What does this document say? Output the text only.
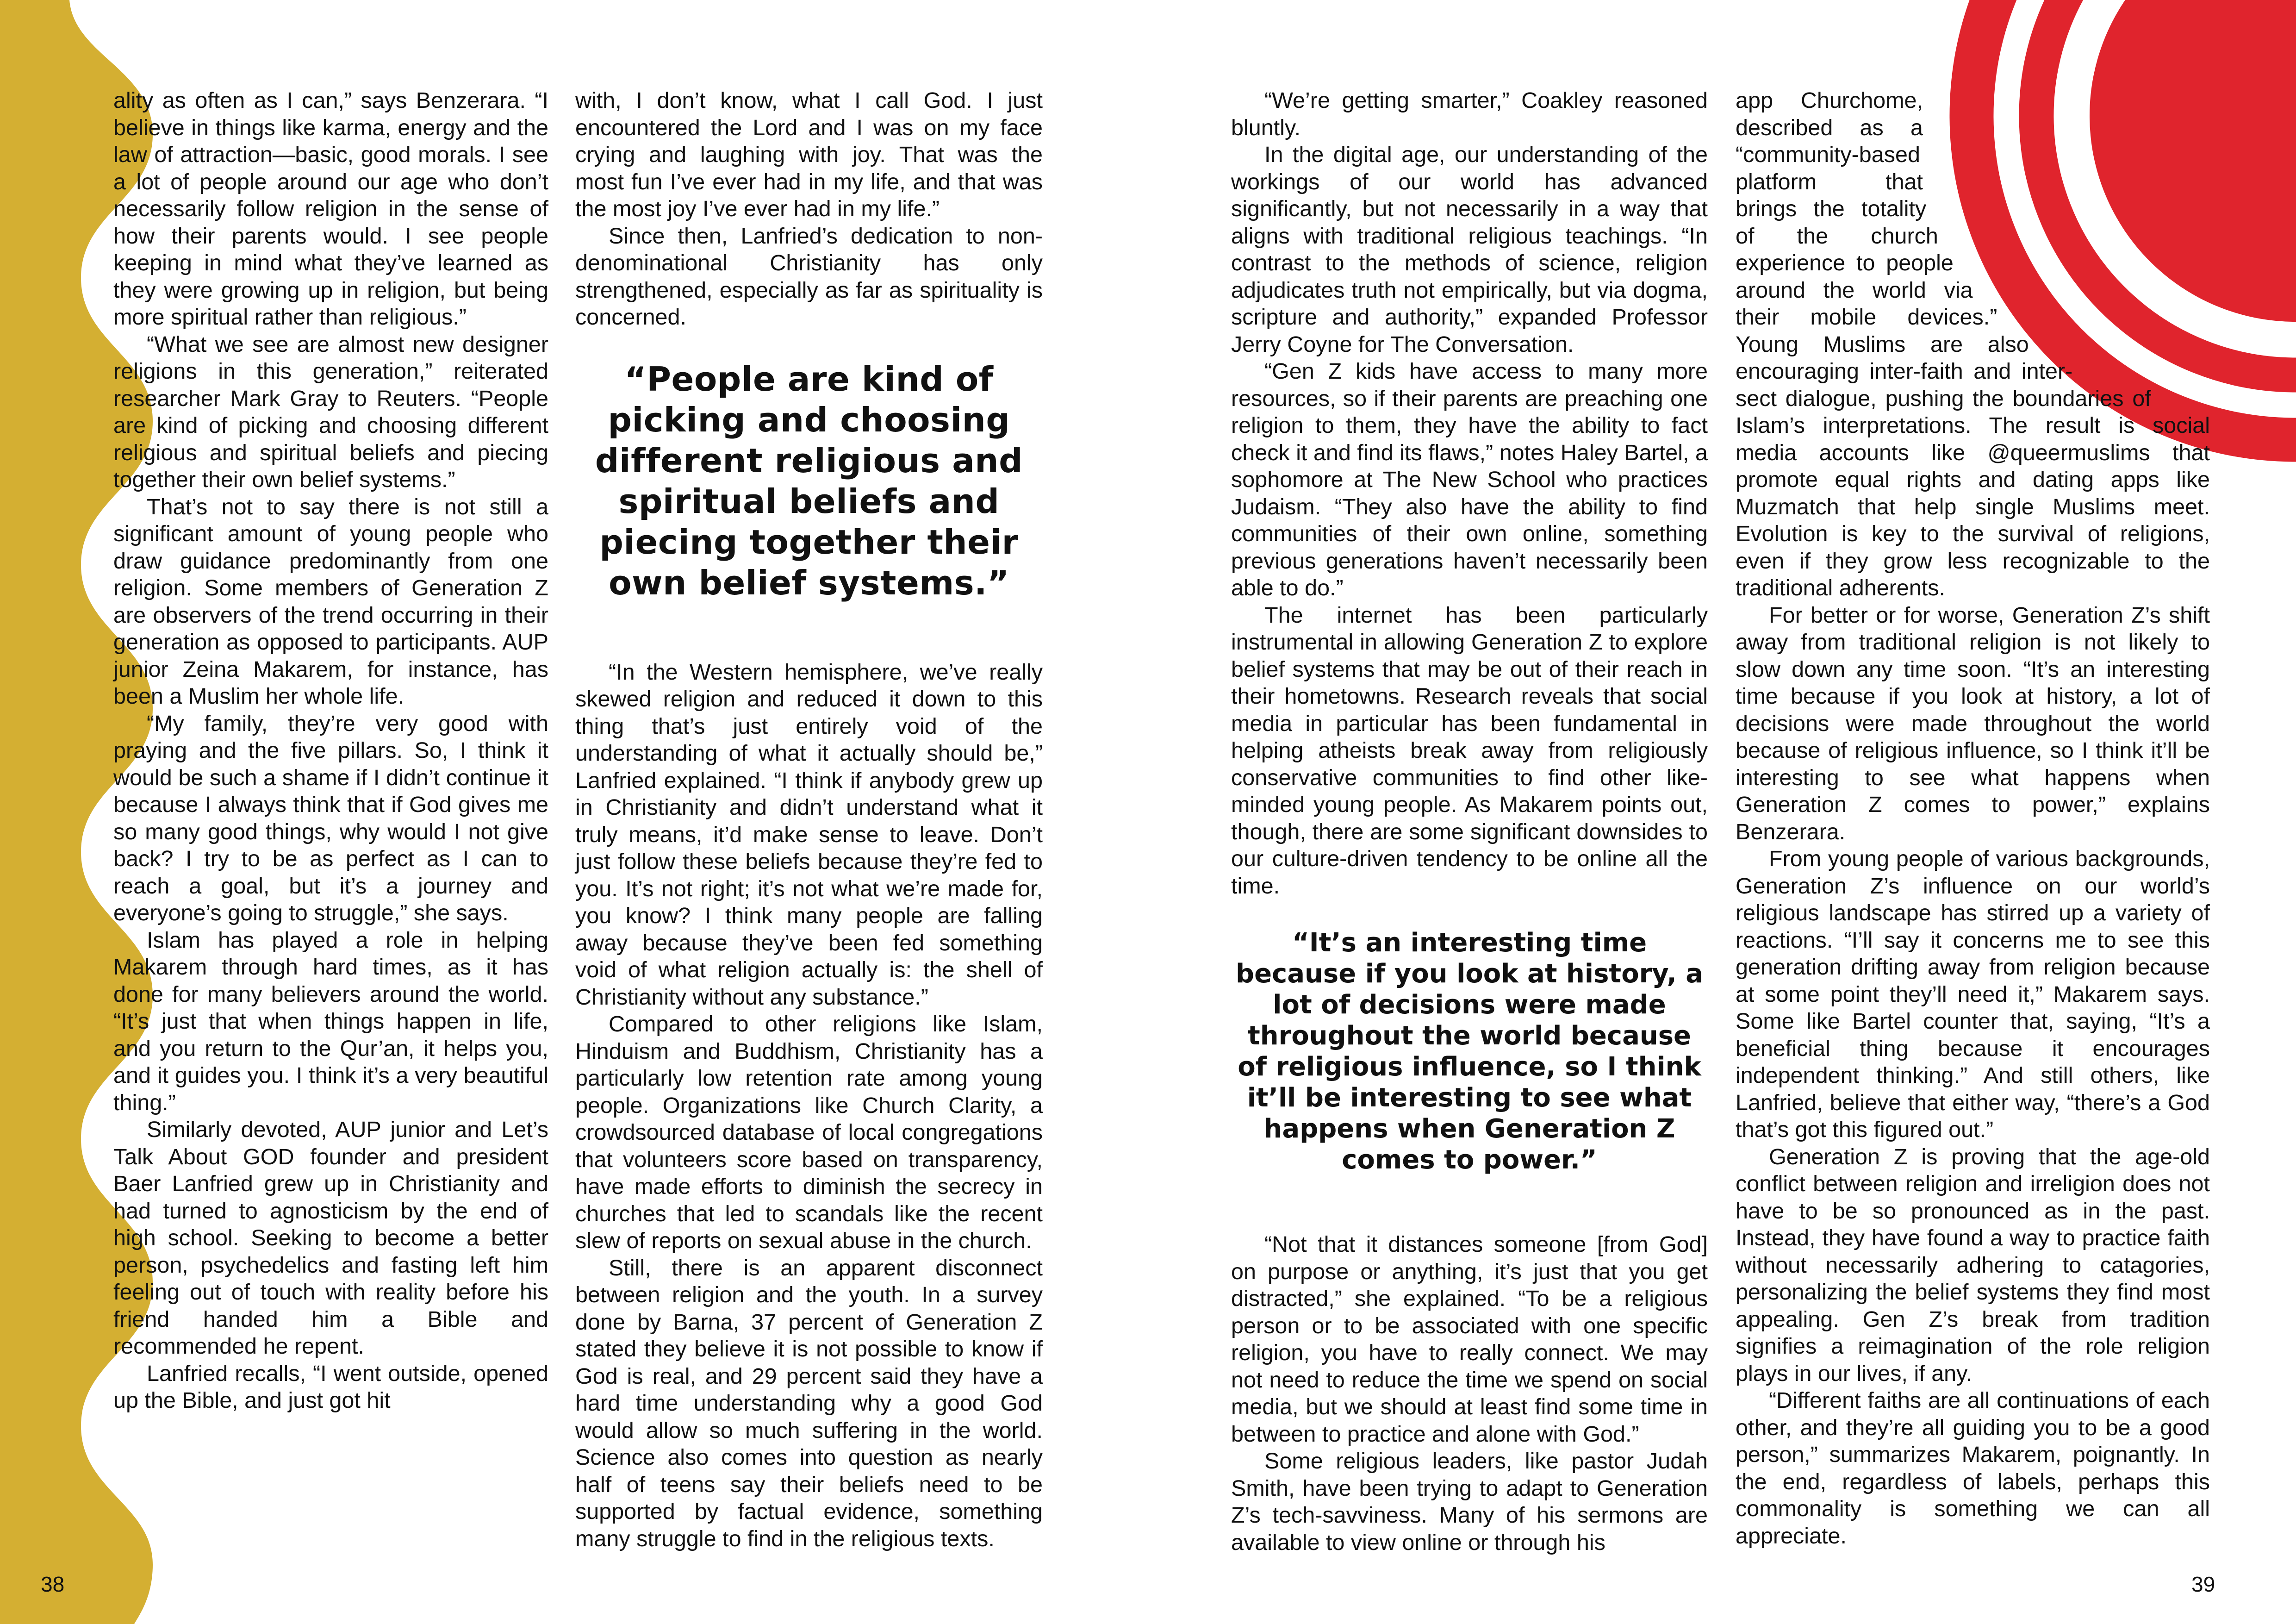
ality as often as I can,” says Benzerara. “I believe in things like karma, energy and the law of attraction—basic, good morals. I see a lot of people around our age who don’t necessarily follow religion in the sense of how their parents would. I see people keeping in mind what they’ve learned as they were growing up in religion, but being more spiritual rather than religious.”

“What we see are almost new designer religions in this generation,” reiterated researcher Mark Gray to Reuters. “People are kind of picking and choosing different religious and spiritual beliefs and piecing together their own belief systems.”

That’s not to say there is not still a significant amount of young people who draw guidance predominantly from one religion. Some members of Generation Z are observers of the trend occurring in their generation as opposed to participants. AUP junior Zeina Makarem, for instance, has been a Muslim her whole life.

“My family, they’re very good with praying and the five pillars. So, I think it would be such a shame if I didn’t continue it because I always think that if God gives me so many good things, why would I not give back? I try to be as perfect as I can to reach a goal, but it’s a journey and everyone’s going to struggle,” she says.

Islam has played a role in helping Makarem through hard times, as it has done for many believers around the world. “It’s just that when things happen in life, and you return to the Qur’an, it helps you, and it guides you. I think it’s a very beautiful thing.”

Similarly devoted, AUP junior and Let’s Talk About GOD founder and president Baer Lanfried grew up in Christianity and had turned to agnosticism by the end of high school. Seeking to become a better person, psychedelics and fasting left him feeling out of touch with reality before his friend handed him a Bible and recommended he repent.

Lanfried recalls, “I went outside, opened up the Bible, and just got hit

with, I don’t know, what I call God. I just encountered the Lord and I was on my face crying and laughing with joy. That was the most fun I’ve ever had in my life, and that was the most joy I’ve ever had in my life.”

Since then, Lanfried’s dedication to non-denominational Christianity has only strengthened, especially as far as spirituality is concerned.

“People are kind of picking and choosing different religious and spiritual beliefs and piecing together their own belief systems.”

“In the Western hemisphere, we’ve really skewed religion and reduced it down to this thing that’s just entirely void of the understanding of what it actually should be,” Lanfried explained. “I think if anybody grew up in Christianity and didn’t understand what it truly means, it’d make sense to leave. Don’t just follow these beliefs because they’re fed to you. It’s not right; it’s not what we’re made for, you know? I think many people are falling away because they’ve been fed something void of what religion actually is: the shell of Christianity without any substance.”

Compared to other religions like Islam, Hinduism and Buddhism, Christianity has a particularly low retention rate among young people. Organizations like Church Clarity, a crowdsourced database of local congregations that volunteers score based on transparency, have made efforts to diminish the secrecy in churches that led to scandals like the recent slew of reports on sexual abuse in the church.

Still, there is an apparent disconnect between religion and the youth. In a survey done by Barna, 37 percent of Generation Z stated they believe it is not possible to know if God is real, and 29 percent said they have a hard time understanding why a good God would allow so much suffering in the world. Science also comes into question as nearly half of teens say their beliefs need to be supported by factual evidence, something many struggle to find in the religious texts.

“We’re getting smarter,” Coakley reasoned bluntly.

In the digital age, our understanding of the workings of our world has advanced significantly, but not necessarily in a way that aligns with traditional religious teachings. “In contrast to the methods of science, religion adjudicates truth not empirically, but via dogma, scripture and authority,” expanded Professor Jerry Coyne for The Conversation.

“Gen Z kids have access to many more resources, so if their parents are preaching one religion to them, they have the ability to fact check it and find its flaws,” notes Haley Bartel, a sophomore at The New School who practices Judaism. “They also have the ability to find communities of their own online, something previous generations haven’t necessarily been able to do.”

The internet has been particularly instrumental in allowing Generation Z to explore belief systems that may be out of their reach in their hometowns. Research reveals that social media in particular has been fundamental in helping atheists break away from religiously conservative communities to find other like-minded young people. As Makarem points out, though, there are some significant downsides to our culture-driven tendency to be online all the time.

“It’s an interesting time because if you look at history, a lot of decisions were made throughout the world because of religious influence, so I think it’ll be interesting to see what happens when Generation Z comes to power.”

“Not that it distances someone [from God] on purpose or anything, it’s just that you get distracted,” she explained. “To be a religious person or to be associated with one specific religion, you have to really connect. We may not need to reduce the time we spend on social media, but we should at least find some time in between to practice and alone with God.”

Some religious leaders, like pastor Judah Smith, have been trying to adapt to Generation Z’s tech-savviness. Many of his sermons are available to view online or through his

app Churchome, described as a “community-based platform that brings the totality of the church experience to people around the world via their mobile devices.” Young Muslims are also encouraging inter-faith and inter-sect dialogue, pushing the boundaries of Islam’s interpretations. The result is social media accounts like @queermuslims that promote equal rights and dating apps like Muzmatch that help single Muslims meet. Evolution is key to the survival of religions, even if they grow less recognizable to the traditional adherents.

For better or for worse, Generation Z’s shift away from traditional religion is not likely to slow down any time soon. “It’s an interesting time because if you look at history, a lot of decisions were made throughout the world because of religious influence, so I think it’ll be interesting to see what happens when Generation Z comes to power,” explains Benzerara.

From young people of various backgrounds, Generation Z’s influence on our world’s religious landscape has stirred up a variety of reactions. “I’ll say it concerns me to see this generation drifting away from religion because at some point they’ll need it,” Makarem says. Some like Bartel counter that, saying, “It’s a beneficial thing because it encourages independent thinking.” And still others, like Lanfried, believe that either way, “there’s a God that’s got this figured out.”

Generation Z is proving that the age-old conflict between religion and irreligion does not have to be so pronounced as in the past. Instead, they have found a way to practice faith without necessarily adhering to catagories, personalizing the belief systems they find most appealing. Gen Z’s break from tradition signifies a reimagination of the role religion plays in our lives, if any.

“Different faiths are all continuations of each other, and they’re all guiding you to be a good person,” summarizes Makarem, poignantly. In the end, regardless of labels, perhaps this commonality is something we can all appreciate.

38	39
